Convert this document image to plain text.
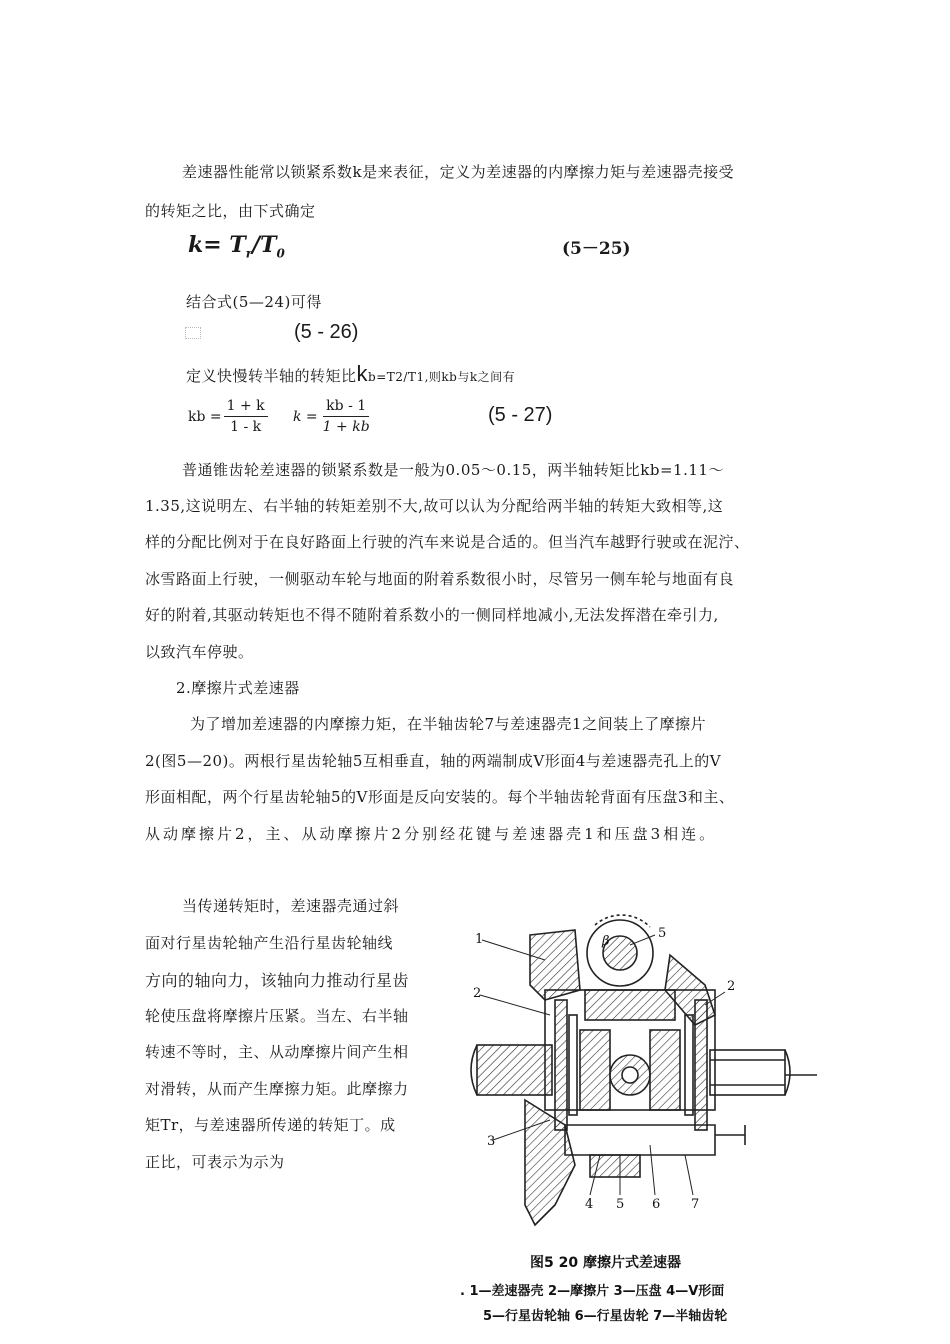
差速器性能常以锁紧系数k是来表征，定义为差速器的内摩擦力矩与差速器壳接受
的转矩之比，由下式确定
$k= T_r/T_0$	(5－25)
结合式(5—24)可得
(5 - 26)
定义快慢转半轴的转矩比kb=T2/T1,则kb与k之间有
kb = $\frac{1 + k}{1 - k}$ $k = \frac{kb - 1}{1 + kb}$	(5 - 27)
普通锥齿轮差速器的锁紧系数是一般为0.05～0.15，两半轴转矩比kb=1.11～
1.35,这说明左、右半轴的转矩差别不大,故可以认为分配给两半轴的转矩大致相等,这
样的分配比例对于在良好路面上行驶的汽车来说是合适的。但当汽车越野行驶或在泥泞、
冰雪路面上行驶，一侧驱动车轮与地面的附着系数很小时，尽管另一侧车轮与地面有良
好的附着,其驱动转矩也不得不随附着系数小的一侧同样地减小,无法发挥潜在牵引力,
以致汽车停驶。
2.摩擦片式差速器
为了增加差速器的内摩擦力矩，在半轴齿轮7与差速器壳1之间装上了摩擦片
2(图5—20)。两根行星齿轮轴5互相垂直，轴的两端制成V形面4与差速器壳孔上的V
形面相配，两个行星齿轮轴5的V形面是反向安装的。每个半轴齿轮背面有压盘3和主、
从动摩擦片2，主、从动摩擦片2分别经花键与差速器壳1和压盘3相连。
当传递转矩时，差速器壳通过斜
面对行星齿轮轴产生沿行星齿轮轴线
方向的轴向力，该轴向力推动行星齿
轮使压盘将摩擦片压紧。当左、右半轴
转速不等时，主、从动摩擦片间产生相
对滑转，从而产生摩擦力矩。此摩擦力
矩Tr，与差速器所传递的转矩丁。成
正比，可表示为示为
1
2
2
3
4
5
5 6 7
β
图5 20 摩擦片式差速器
. 1—差速器壳 2—摩擦片 3—压盘 4—V形面
5—行星齿轮轴 6—行星齿轮 7—半轴齿轮
